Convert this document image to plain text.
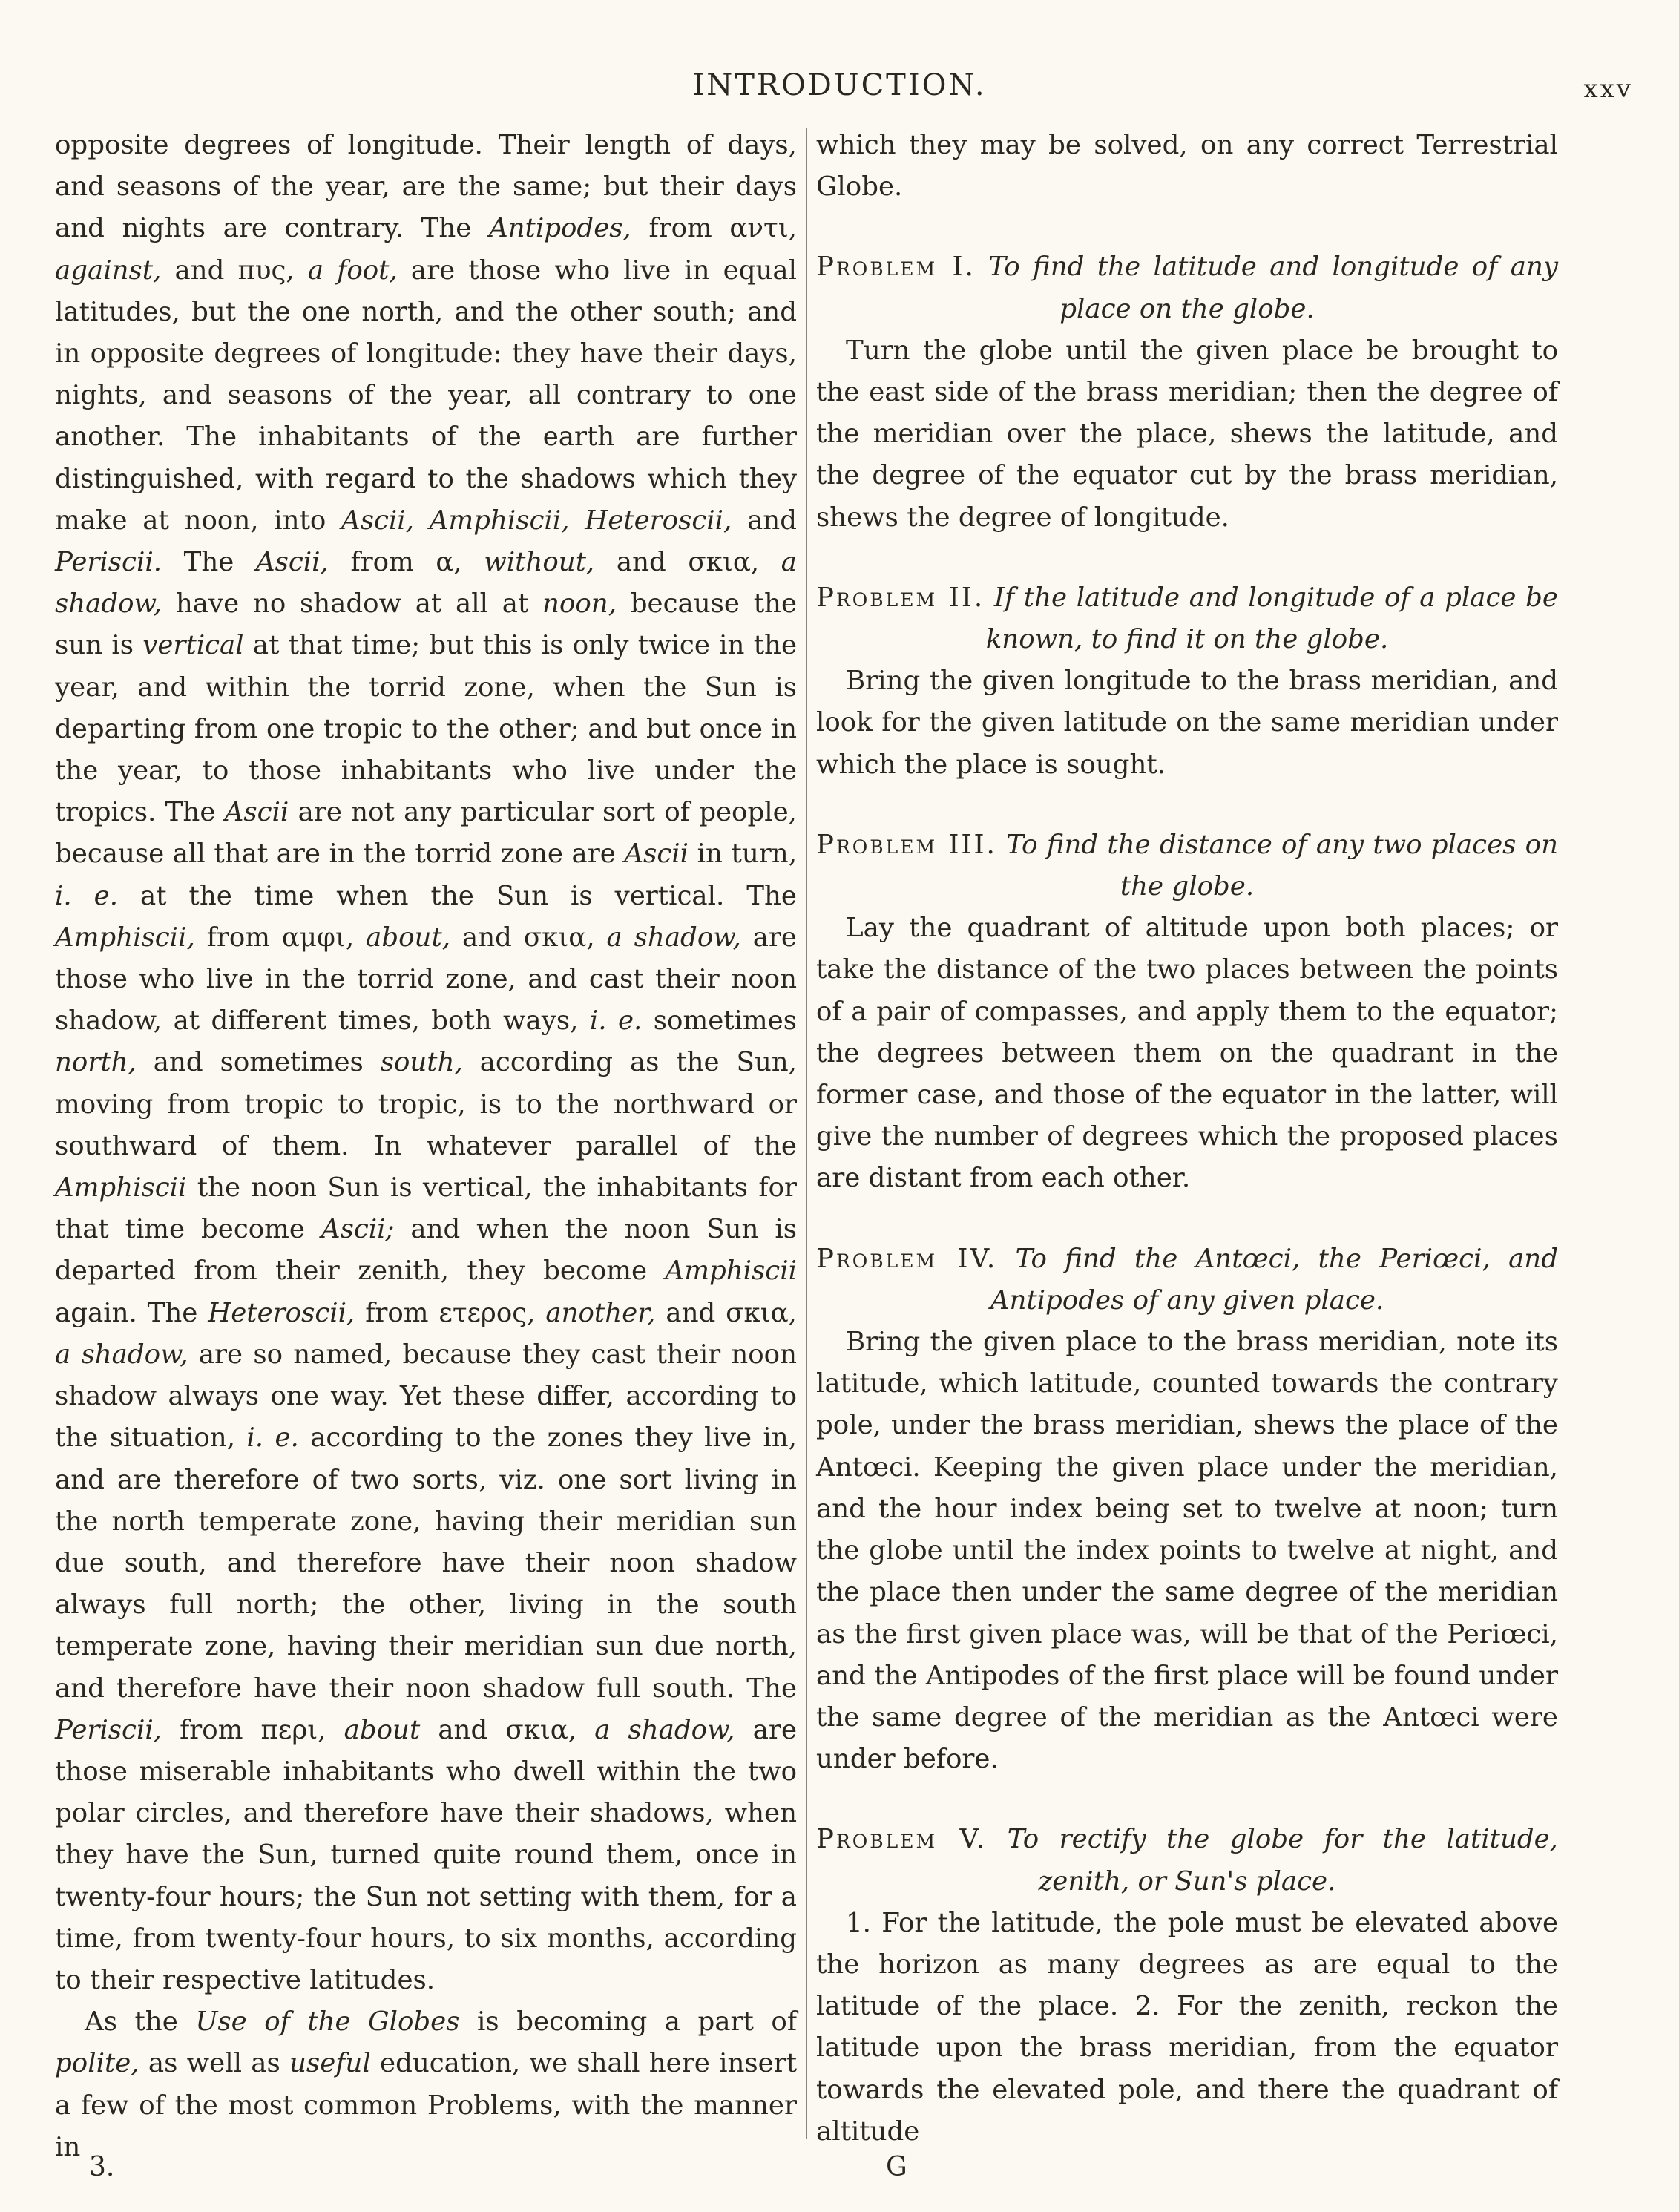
INTRODUCTION.	xxv

opposite degrees of longitude. Their length of days, and seasons of the year, are the same; but their days and nights are contrary. The Antipodes, from αντι, against, and πυς, a foot, are those who live in equal latitudes, but the one north, and the other south; and in opposite degrees of longitude: they have their days, nights, and seasons of the year, all contrary to one another. The inhabitants of the earth are further distinguished, with regard to the shadows which they make at noon, into Ascii, Amphiscii, Heteroscii, and Periscii. The Ascii, from α, without, and σκια, a shadow, have no shadow at all at noon, because the sun is vertical at that time; but this is only twice in the year, and within the torrid zone, when the Sun is departing from one tropic to the other; and but once in the year, to those inhabitants who live under the tropics. The Ascii are not any particular sort of people, because all that are in the torrid zone are Ascii in turn, i. e. at the time when the Sun is vertical. The Amphiscii, from αμφι, about, and σκια, a shadow, are those who live in the torrid zone, and cast their noon shadow, at different times, both ways, i. e. sometimes north, and sometimes south, according as the Sun, moving from tropic to tropic, is to the northward or southward of them. In whatever parallel of the Amphiscii the noon Sun is vertical, the inhabitants for that time become Ascii; and when the noon Sun is departed from their zenith, they become Amphiscii again. The Heteroscii, from ετερος, another, and σκια, a shadow, are so named, because they cast their noon shadow always one way. Yet these differ, according to the situation, i. e. according to the zones they live in, and are therefore of two sorts, viz. one sort living in the north temperate zone, having their meridian sun due south, and therefore have their noon shadow always full north; the other, living in the south temperate zone, having their meridian sun due north, and therefore have their noon shadow full south. The Periscii, from περι, about and σκια, a shadow, are those miserable inhabitants who dwell within the two polar circles, and therefore have their shadows, when they have the Sun, turned quite round them, once in twenty-four hours; the Sun not setting with them, for a time, from twenty-four hours, to six months, according to their respective latitudes.

As the Use of the Globes is becoming a part of polite, as well as useful education, we shall here insert a few of the most common Problems, with the manner in

which they may be solved, on any correct Terrestrial Globe.

Problem I. To find the latitude and longitude of any place on the globe.

Turn the globe until the given place be brought to the east side of the brass meridian; then the degree of the meridian over the place, shews the latitude, and the degree of the equator cut by the brass meridian, shews the degree of longitude.

Problem II. If the latitude and longitude of a place be known, to find it on the globe.

Bring the given longitude to the brass meridian, and look for the given latitude on the same meridian under which the place is sought.

Problem III. To find the distance of any two places on the globe.

Lay the quadrant of altitude upon both places; or take the distance of the two places between the points of a pair of compasses, and apply them to the equator; the degrees between them on the quadrant in the former case, and those of the equator in the latter, will give the number of degrees which the proposed places are distant from each other.

Problem IV. To find the Antœci, the Periœci, and Antipodes of any given place.

Bring the given place to the brass meridian, note its latitude, which latitude, counted towards the contrary pole, under the brass meridian, shews the place of the Antœci. Keeping the given place under the meridian, and the hour index being set to twelve at noon; turn the globe until the index points to twelve at night, and the place then under the same degree of the meridian as the first given place was, will be that of the Periœci, and the Antipodes of the first place will be found under the same degree of the meridian as the Antœci were under before.

Problem V. To rectify the globe for the latitude, zenith, or Sun's place.

1. For the latitude, the pole must be elevated above the horizon as many degrees as are equal to the latitude of the place. 2. For the zenith, reckon the latitude upon the brass meridian, from the equator towards the elevated pole, and there the quadrant of altitude

3.	G
